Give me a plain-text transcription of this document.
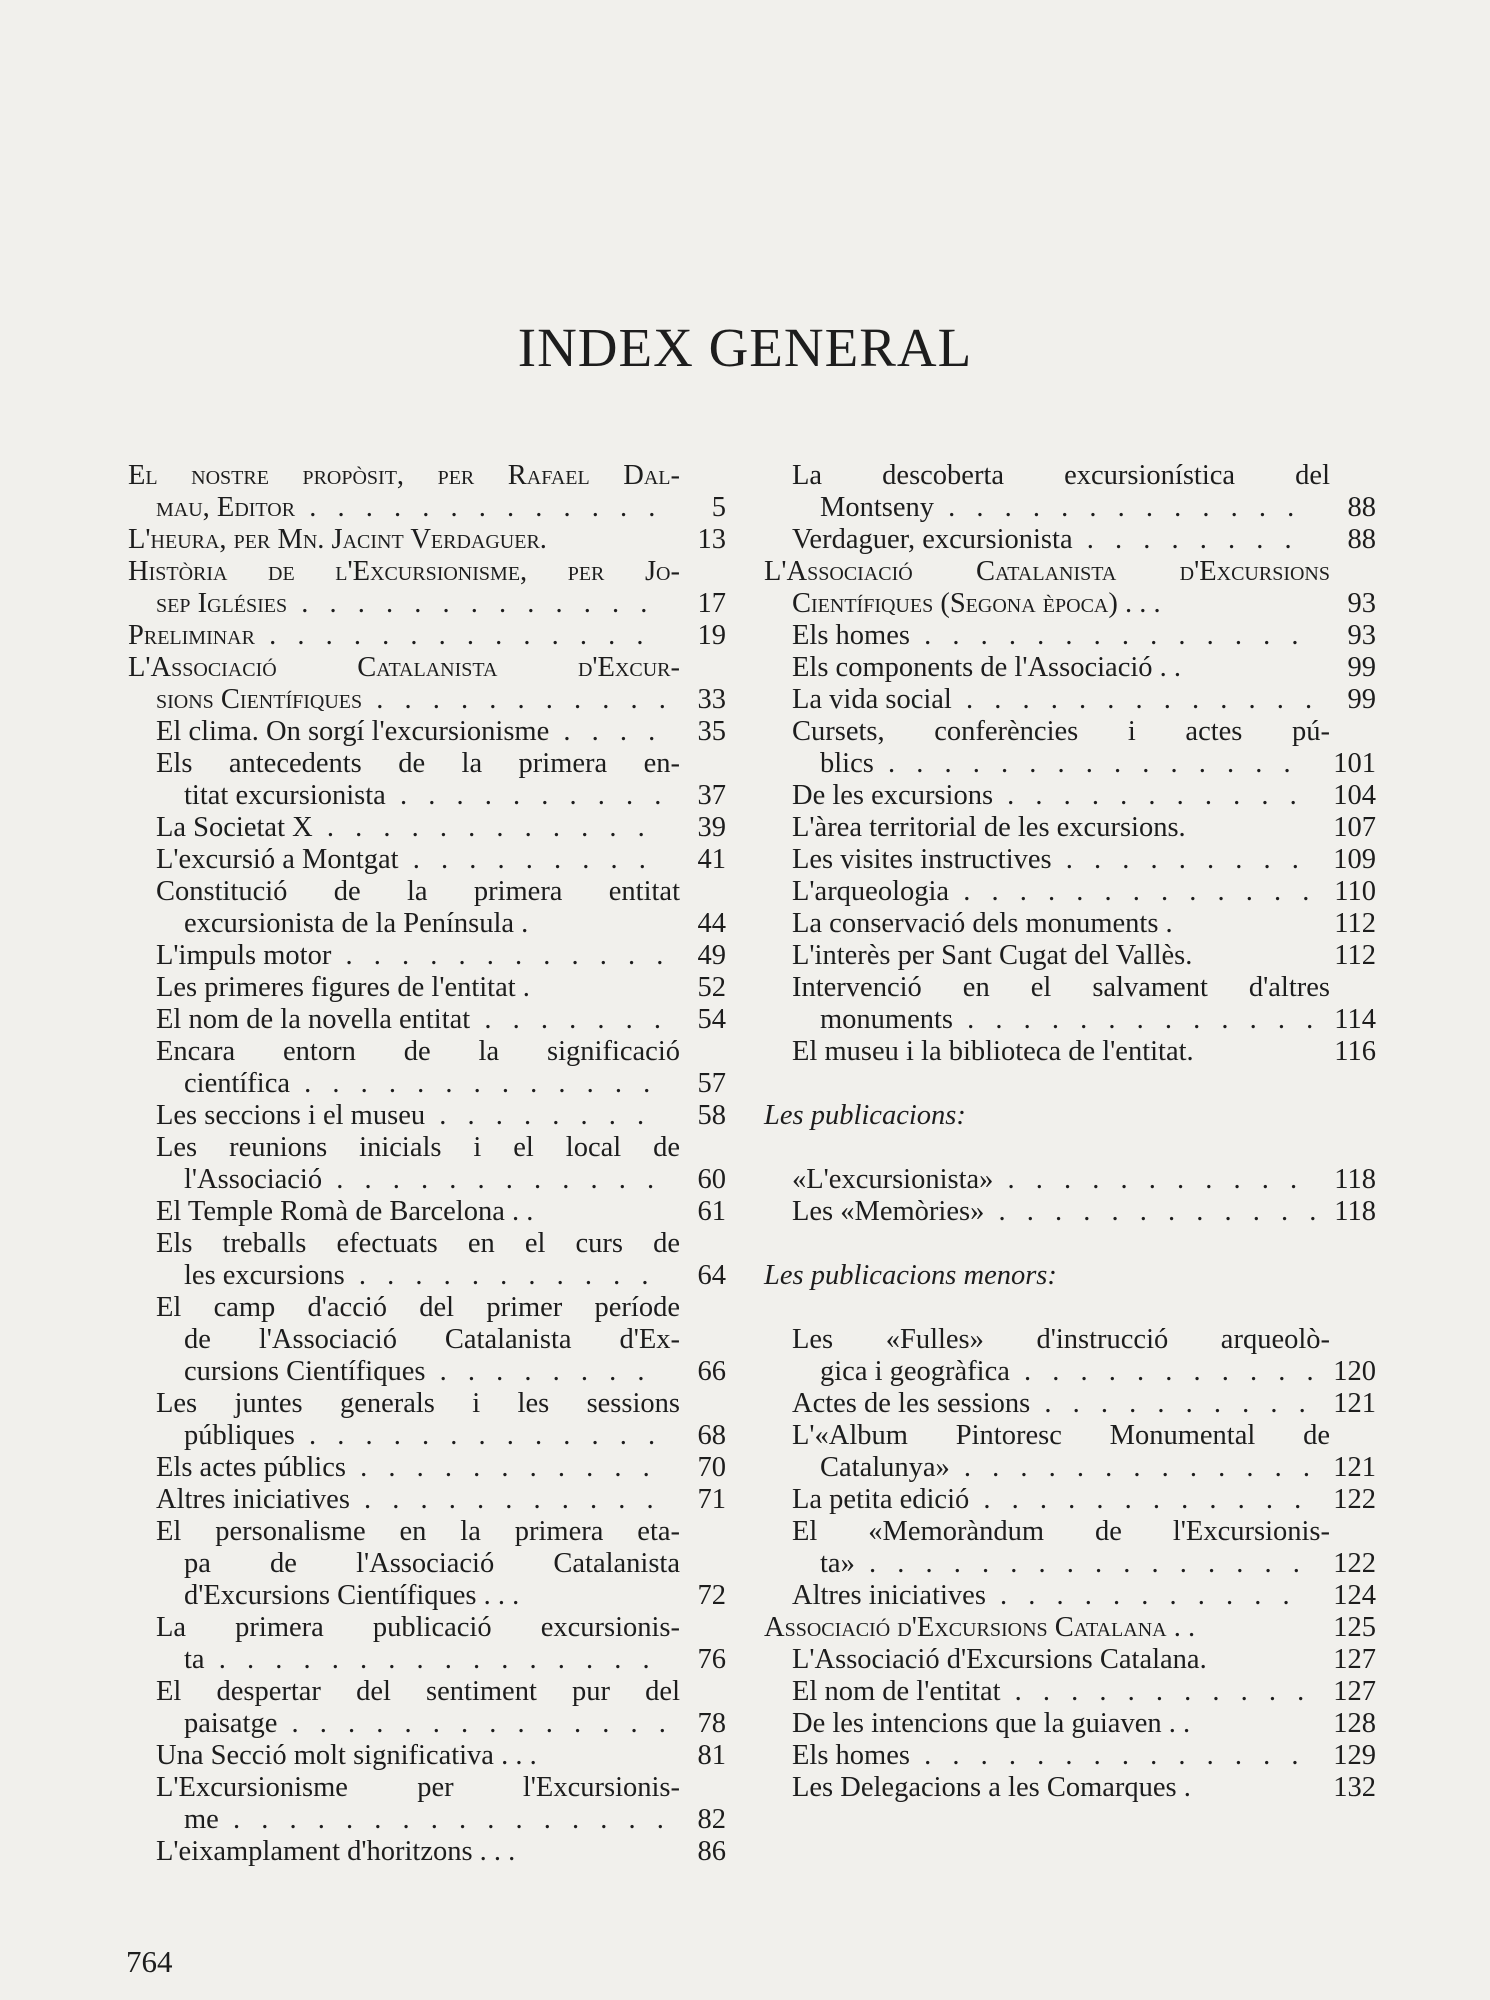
INDEX GENERAL
El nostre propòsit, per Rafael Dal-
mau, Editor . . . . . . . . . . . . .	5
L'heura, per Mn. Jacint Verdaguer.	13
Història de l'Excursionisme, per Jo-
sep Iglésies . . . . . . . . . . . . .	17
Preliminar . . . . . . . . . . . . . .	19
L'Associació Catalanista d'Excur-
sions Científiques . . . . . . . . . . . 33
El clima. On sorgí l'excursionisme . . . .	35
Els antecedents de la primera en-
titat excursionista . . . . . . . . . .	37
La Societat X . . . . . . . . . . . .	39
L'excursió a Montgat . . . . . . . . .	41
Constitució de la primera entitat
excursionista de la Península .	44
L'impuls motor . . . . . . . . . . . . 49
Les primeres figures de l'entitat .	52
El nom de la novella entitat . . . . . . .	54
Encara entorn de la significació
científica . . . . . . . . . . . . .	57
Les seccions i el museu . . . . . . . .	58
Les reunions inicials i el local de
l'Associació . . . . . . . . . . . .	60
El Temple Romà de Barcelona . .	61
Els treballs efectuats en el curs de
les excursions . . . . . . . . . . .	64
El camp d'acció del primer període
de l'Associació Catalanista d'Ex-
cursions Científiques . . . . . . . .	66
Les juntes generals i les sessions
públiques . . . . . . . . . . . . .	68
Els actes públics . . . . . . . . . . .	70
Altres iniciatives . . . . . . . . . . .	71
El personalisme en la primera eta-
pa de l'Associació Catalanista
d'Excursions Científiques . . .	72
La primera publicació excursionis-
ta . . . . . . . . . . . . . . . .	76
El despertar del sentiment pur del
paisatge . . . . . . . . . . . . . . 78
Una Secció molt significativa . . .	81
L'Excursionisme per l'Excursionis-
me . . . . . . . . . . . . . . . . 82
L'eixamplament d'horitzons . . .	86
La descoberta excursionística del
Montseny . . . . . . . . . . . . .	88
Verdaguer, excursionista . . . . . . . .	88
L'Associació Catalanista d'Excursions
Científiques (Segona època) . . .	93
Els homes . . . . . . . . . . . . . .	93
Els components de l'Associació . .	99
La vida social . . . . . . . . . . . . . 99
Cursets, conferències i actes pú-
blics . . . . . . . . . . . . . . .	101
De les excursions . . . . . . . . . . .	104
L'àrea territorial de les excursions.	107
Les visites instructives . . . . . . . . . 109
L'arqueologia . . . . . . . . . . . . . 110
La conservació dels monuments .	112
L'interès per Sant Cugat del Vallès.	112
Intervenció en el salvament d'altres
monuments . . . . . . . . . . . . . 114
El museu i la biblioteca de l'entitat.	116
Les publicacions:
«L'excursionista» . . . . . . . . . . .	118
Les «Memòries» . . . . . . . . . . . . 118
Les publicacions menors:
Les «Fulles» d'instrucció arqueolò-
gica i geogràfica . . . . . . . . . . . 120
Actes de les sessions . . . . . . . . . . 121
L'«Album Pintoresc Monumental de
Catalunya» . . . . . . . . . . . . . 121
La petita edició . . . . . . . . . . . . 122
El «Memoràndum de l'Excursionis-
ta» . . . . . . . . . . . . . . . . 122
Altres iniciatives . . . . . . . . . . .	124
Associació d'Excursions Catalana . .	125
L'Associació d'Excursions Catalana.	127
El nom de l'entitat . . . . . . . . . . . 127
De les intencions que la guiaven . .	128
Els homes . . . . . . . . . . . . . . 129
Les Delegacions a les Comarques .	132

764
